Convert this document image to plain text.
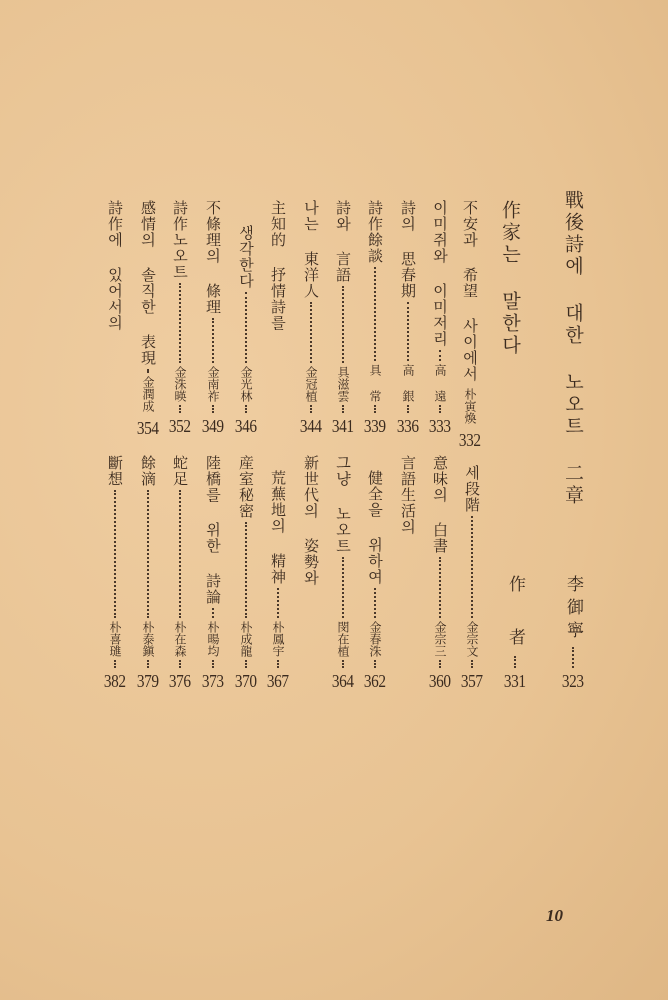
戰後詩에 대한 노오트 二章
作家는 말한다
不安과 希望 사이에서
朴寅煥
332
이미쥐와 이미저리
高 遠
333
詩의 思春期
高 銀
336
詩作餘談
具 常
339
詩와 言語
具滋雲
341
나는 東洋人
金冠植
344
主知的 抒情詩를
생각한다
金光林
346
不條理의 條理
金南祚
349
詩作노오트
金洙暎
352
感情의 솔직한 表現
金潤成
354
詩作에 있어서의
李御寧
323
作 者
331
세段階
金宗文
357
意味의 白書
金宗三
360
言語生活의
健全을 위하여
金春洙
362
그냥 노오트
閔在植
364
新世代의 姿勢와
荒蕪地의 精神
朴鳳宇
367
産室秘密
朴成龍
370
陸橋를 위한 詩論
朴暘均
373
蛇足
朴在森
376
餘滴
朴泰鎭
379
斷想
朴喜璡
382
10
